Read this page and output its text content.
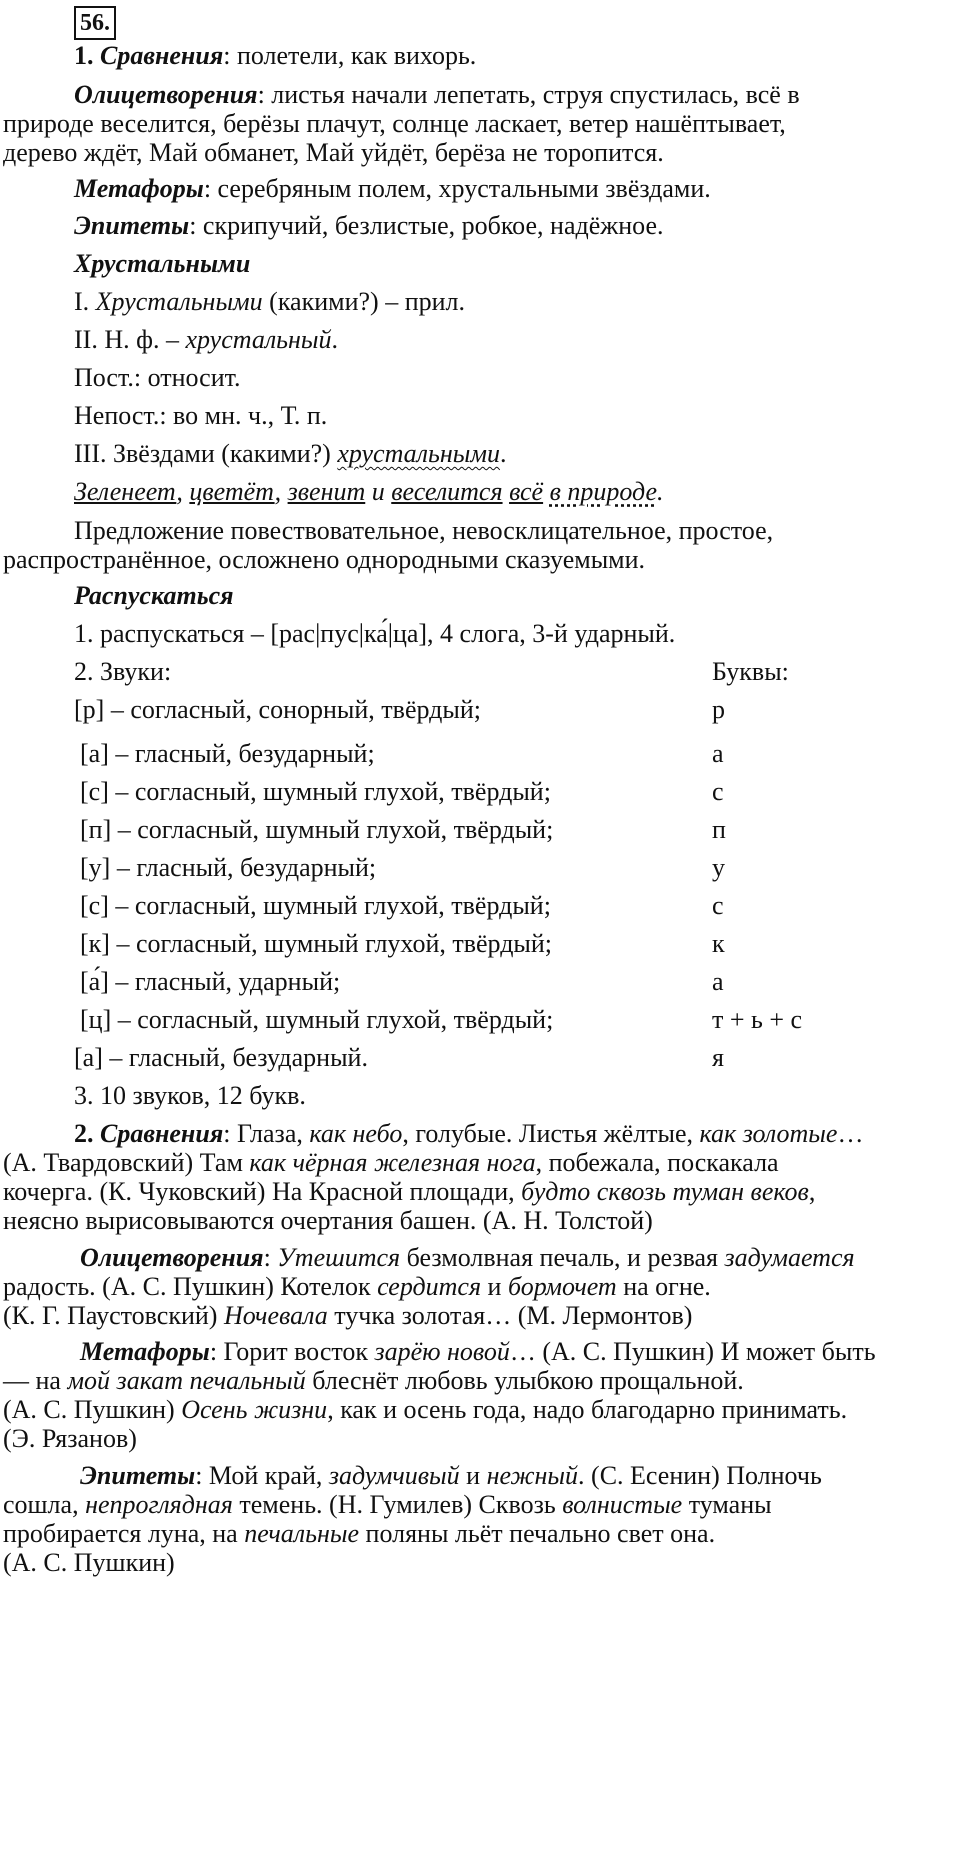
56.
1. Сравнения: полетели, как вихорь.
Олицетворения: листья начали лепетать, струя спустилась, всё в
природе веселится, берёзы плачут, солнце ласкает, ветер нашёптывает,
дерево ждёт, Май обманет, Май уйдёт, берёза не торопится.
Метафоры: серебряным полем, хрустальными звёздами.
Эпитеты: скрипучий, безлистые, робкое, надёжное.
Хрустальными
I. Хрустальными (какими?) – прил.
II. Н. ф. – хрустальный.
Пост.: относит.
Непост.: во мн. ч., Т. п.
III. Звёздами (какими?) хрустальными.
Зеленеет, цветёт, звенит и веселится всё в природе.
Предложение повествовательное, невосклицательное, простое,
распространённое, осложнено однородными сказуемыми.
Распускаться
1. распускаться – [рас|пус|ка́|ца], 4 слога, 3-й ударный.
2. Звуки:	Буквы:
[р] – согласный, сонорный, твёрдый;	р
[а] – гласный, безударный;	а
[с] – согласный, шумный глухой, твёрдый;	с
[п] – согласный, шумный глухой, твёрдый;	п
[у] – гласный, безударный;	у
[с] – согласный, шумный глухой, твёрдый;	с
[к] – согласный, шумный глухой, твёрдый;	к
[а́] – гласный, ударный;	а
[ц] – согласный, шумный глухой, твёрдый;	т + ь + с
[а] – гласный, безударный.	я
3. 10 звуков, 12 букв.
2. Сравнения: Глаза, как небо, голубые. Листья жёлтые, как золотые…
(А. Твардовский) Там как чёрная железная нога, побежала, поскакала
кочерга. (К. Чуковский) На Красной площади, будто сквозь туман веков,
неясно вырисовываются очертания башен. (А. Н. Толстой)
Олицетворения: Утешится безмолвная печаль, и резвая задумается
радость. (А. С. Пушкин) Котелок сердится и бормочет на огне.
(К. Г. Паустовский) Ночевала тучка золотая… (М. Лермонтов)
Метафоры: Горит восток зарёю новой… (А. С. Пушкин) И может быть
— на мой закат печальный блеснёт любовь улыбкою прощальной.
(А. С. Пушкин) Осень жизни, как и осень года, надо благодарно принимать.
(Э. Рязанов)
Эпитеты: Мой край, задумчивый и нежный. (С. Есенин) Полночь
сошла, непроглядная темень. (Н. Гумилев) Сквозь волнистые туманы
пробирается луна, на печальные поляны льёт печально свет она.
(А. С. Пушкин)
